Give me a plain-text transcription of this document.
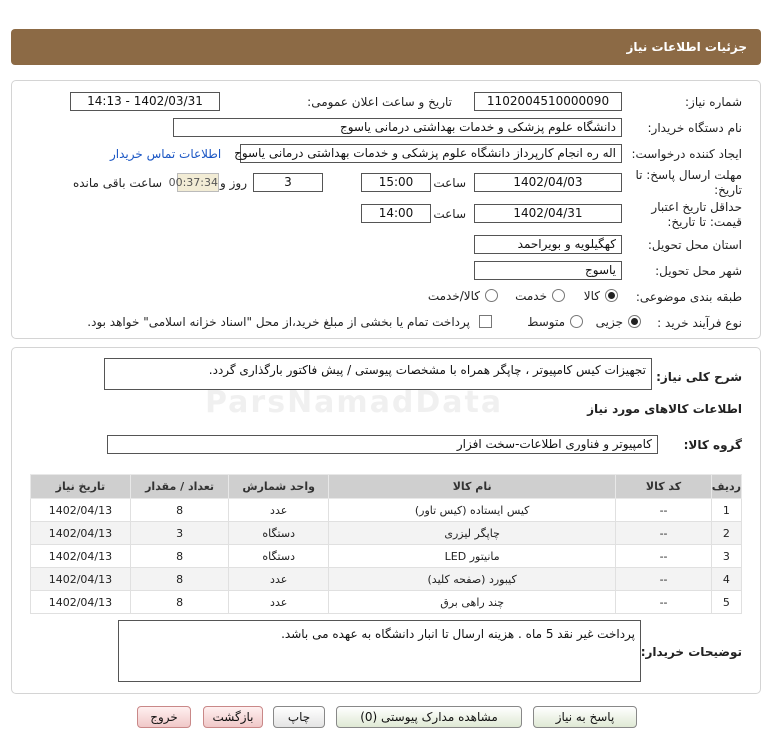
جزئیات اطلاعات نیاز
شماره نیاز:
1102004510000090
تاریخ و ساعت اعلان عمومی:
1402/03/31 - 14:13
نام دستگاه خریدار:
دانشگاه علوم پزشکی و خدمات بهداشتی درمانی یاسوج
ایجاد کننده درخواست:
اله ره انجام کارپرداز دانشگاه علوم پزشکی و خدمات بهداشتی درمانی یاسوج
اطلاعات تماس خریدار
مهلت ارسال پاسخ: تا
تاریخ:
1402/04/03
ساعت
15:00
3
روز و
00:37:34
ساعت باقی مانده
حداقل تاریخ اعتبار
قیمت: تا تاریخ:
1402/04/31
ساعت
14:00
استان محل تحویل:
کهگیلویه و بویراحمد
شهر محل تحویل:
یاسوج
طبقه بندی موضوعی:
کالا
خدمت
کالا/خدمت
نوع فرآیند خرید :
جزیی
متوسط
پرداخت تمام یا بخشی از مبلغ خرید،از محل "اسناد خزانه اسلامی" خواهد بود.
شرح کلی نیاز:
تجهیزات کیس کامپیوتر ، چاپگر همراه با مشخصات پیوستی / پیش فاکتور بارگذاری گردد.
اطلاعات کالاهای مورد نیاز
گروه کالا:
کامپیوتر و فناوری اطلاعات-سخت افزار
ردیف	کد کالا	نام کالا	واحد شمارش	تعداد / مقدار	تاریخ نیاز
1	--	کیس ایستاده (کیس تاور)	عدد	8	1402/04/13
2	--	چاپگر لیزری	دستگاه	3	1402/04/13
3	--	مانیتور LED	دستگاه	8	1402/04/13
4	--	کیبورد (صفحه کلید)	عدد	8	1402/04/13
5	--	چند راهی برق	عدد	8	1402/04/13
توضیحات خریدار:
پرداخت غیر نقد 5 ماه . هزینه ارسال تا انبار دانشگاه به عهده می باشد.
پاسخ به نیاز
مشاهده مدارک پیوستی (0)
چاپ
بازگشت
خروج
